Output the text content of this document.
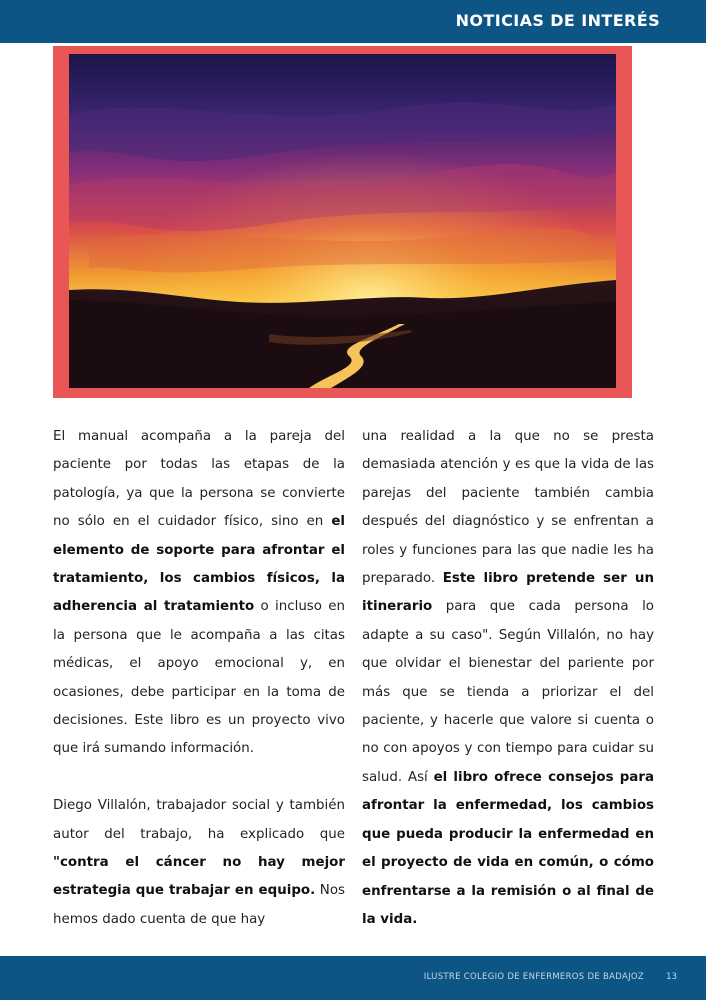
NOTICIAS DE INTERÉS

El manual acompaña a la pareja del paciente por todas las etapas de la patología, ya que la persona se convierte no sólo en el cuidador físico, sino en el elemento de soporte para afrontar el tratamiento, los cambios físicos, la adherencia al tratamiento o incluso en la persona que le acompaña a las citas médicas, el apoyo emocional y, en ocasiones, debe participar en la toma de decisiones. Este libro es un proyecto vivo que irá sumando información.

Diego Villalón, trabajador social y también autor del trabajo, ha explicado que "contra el cáncer no hay mejor estrategia que trabajar en equipo. Nos hemos dado cuenta de que hay

una realidad a la que no se presta demasiada atención y es que la vida de las parejas del paciente también cambia después del diagnóstico y se enfrentan a roles y funciones para las que nadie les ha preparado. Este libro pretende ser un itinerario para que cada persona lo adapte a su caso". Según Villalón, no hay que olvidar el bienestar del pariente por más que se tienda a priorizar el del paciente, y hacerle que valore si cuenta o no con apoyos y con tiempo para cuidar su salud. Así el libro ofrece consejos para afrontar la enfermedad, los cambios que pueda producir la enfermedad en el proyecto de vida en común, o cómo enfrentarse a la remisión o al final de la vida.

ILUSTRE COLEGIO DE ENFERMEROS DE BADAJOZ	13
